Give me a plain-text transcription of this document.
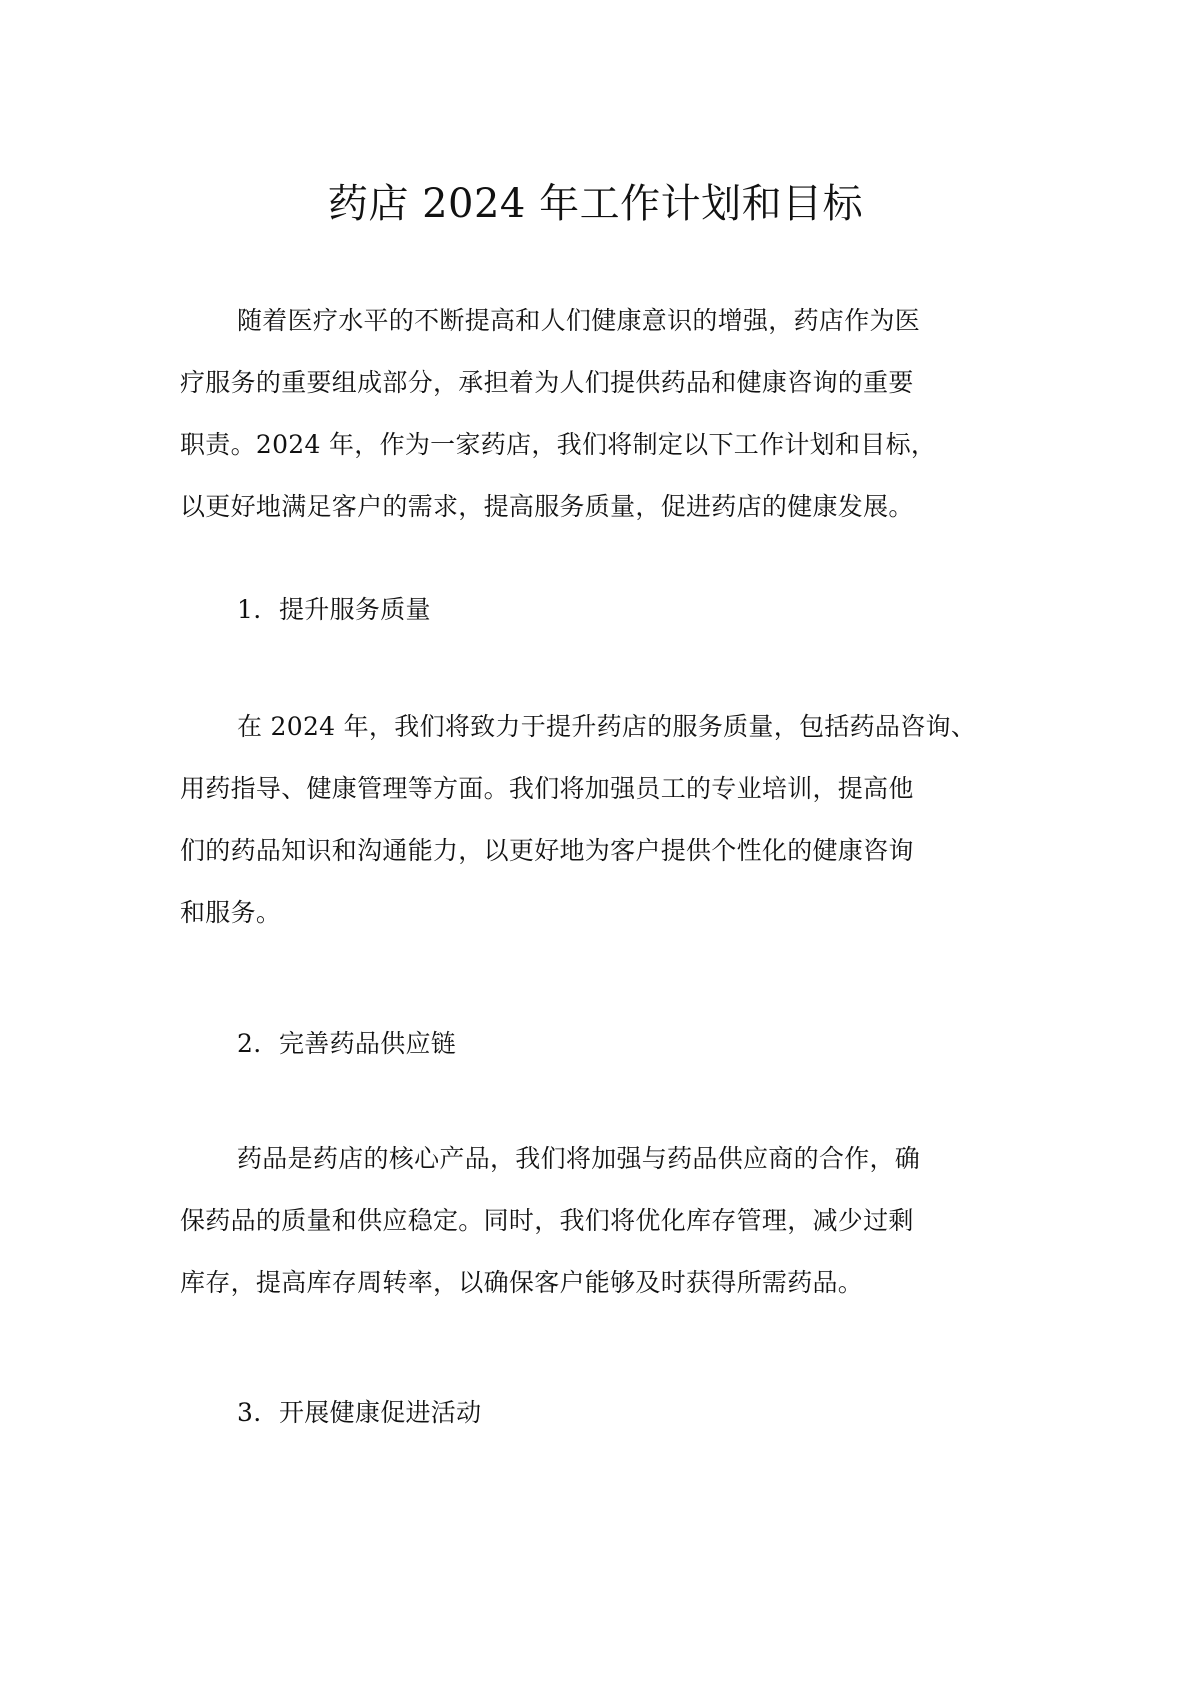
药店 2024 年工作计划和目标
随着医疗水平的不断提高和人们健康意识的增强，药店作为医
疗服务的重要组成部分，承担着为人们提供药品和健康咨询的重要
职责。2024 年，作为一家药店，我们将制定以下工作计划和目标，
以更好地满足客户的需求，提高服务质量，促进药店的健康发展。
1. 提升服务质量
在 2024 年，我们将致力于提升药店的服务质量，包括药品咨询、
用药指导、健康管理等方面。我们将加强员工的专业培训，提高他
们的药品知识和沟通能力，以更好地为客户提供个性化的健康咨询
和服务。
2. 完善药品供应链
药品是药店的核心产品，我们将加强与药品供应商的合作，确
保药品的质量和供应稳定。同时，我们将优化库存管理，减少过剩
库存，提高库存周转率，以确保客户能够及时获得所需药品。
3. 开展健康促进活动
